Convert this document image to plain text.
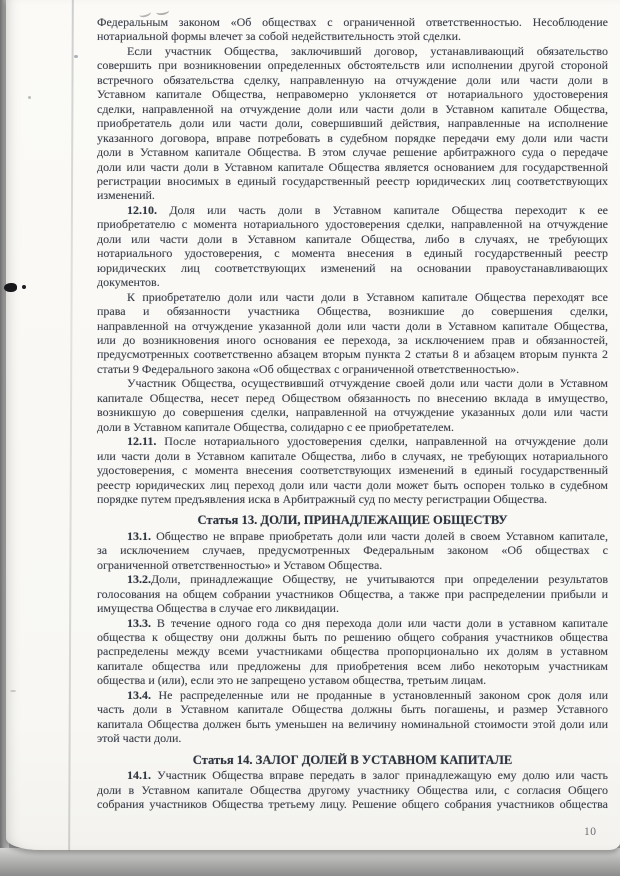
Федеральным законом «Об обществах с ограниченной ответственностью. Несоблюдение
нотариальной формы влечет за собой недействительность этой сделки.
Если участник Общества, заключивший договор, устанавливающий обязательство
совершить при возникновении определенных обстоятельств или исполнении другой стороной
встречного обязательства сделку, направленную на отчуждение доли или части доли в
Уставном капитале Общества, неправомерно уклоняется от нотариального удостоверения
сделки, направленной на отчуждение доли или части доли в Уставном капитале Общества,
приобретатель доли или части доли, совершивший действия, направленные на исполнение
указанного договора, вправе потребовать в судебном порядке передачи ему доли или части
доли в Уставном капитале Общества. В этом случае решение арбитражного суда о передаче
доли или части доли в Уставном капитале Общества является основанием для государственной
регистрации вносимых в единый государственный реестр юридических лиц соответствующих
изменений.
12.10. Доля или часть доли в Уставном капитале Общества переходит к ее
приобретателю с момента нотариального удостоверения сделки, направленной на отчуждение
доли или части доли в Уставном капитале Общества, либо в случаях, не требующих
нотариального удостоверения, с момента внесения в единый государственный реестр
юридических лиц соответствующих изменений на основании правоустанавливающих
документов.
К приобретателю доли или части доли в Уставном капитале Общества переходят все
права и обязанности участника Общества, возникшие до совершения сделки,
направленной на отчуждение указанной доли или части доли в Уставном капитале Общества,
или до возникновения иного основания ее перехода, за исключением прав и обязанностей,
предусмотренных соответственно абзацем вторым пункта 2 статьи 8 и абзацем вторым пункта 2
статьи 9 Федерального закона «Об обществах с ограниченной ответственностью».
Участник Общества, осуществивший отчуждение своей доли или части доли в Уставном
капитале Общества, несет перед Обществом обязанность по внесению вклада в имущество,
возникшую до совершения сделки, направленной на отчуждение указанных доли или части
доли в Уставном капитале Общества, солидарно с ее приобретателем.
12.11. После нотариального удостоверения сделки, направленной на отчуждение доли
или части доли в Уставном капитале Общества, либо в случаях, не требующих нотариального
удостоверения, с момента внесения соответствующих изменений в единый государственный
реестр юридических лиц переход доли или части доли может быть оспорен только в судебном
порядке путем предъявления иска в Арбитражный суд по месту регистрации Общества.
Статья 13. ДОЛИ, ПРИНАДЛЕЖАЩИЕ ОБЩЕСТВУ
13.1. Общество не вправе приобретать доли или части долей в своем Уставном капитале,
за исключением случаев, предусмотренных Федеральным законом «Об обществах с
ограниченной ответственностью» и Уставом Общества.
13.2.Доли, принадлежащие Обществу, не учитываются при определении результатов
голосования на общем собрании участников Общества, а также при распределении прибыли и
имущества Общества в случае его ликвидации.
13.3. В течение одного года со дня перехода доли или части доли в уставном капитале
общества к обществу они должны быть по решению общего собрания участников общества
распределены между всеми участниками общества пропорционально их долям в уставном
капитале общества или предложены для приобретения всем либо некоторым участникам
общества и (или), если это не запрещено уставом общества, третьим лицам.
13.4. Не распределенные или не проданные в установленный законом срок доля или
часть доли в Уставном капитале Общества должны быть погашены, и размер Уставного
капитала Общества должен быть уменьшен на величину номинальной стоимости этой доли или
этой части доли.
Статья 14. ЗАЛОГ ДОЛЕЙ В УСТАВНОМ КАПИТАЛЕ
14.1. Участник Общества вправе передать в залог принадлежащую ему долю или часть
доли в Уставном капитале Общества другому участнику Общества или, с согласия Общего
собрания участников Общества третьему лицу. Решение общего собрания участников общества
10
